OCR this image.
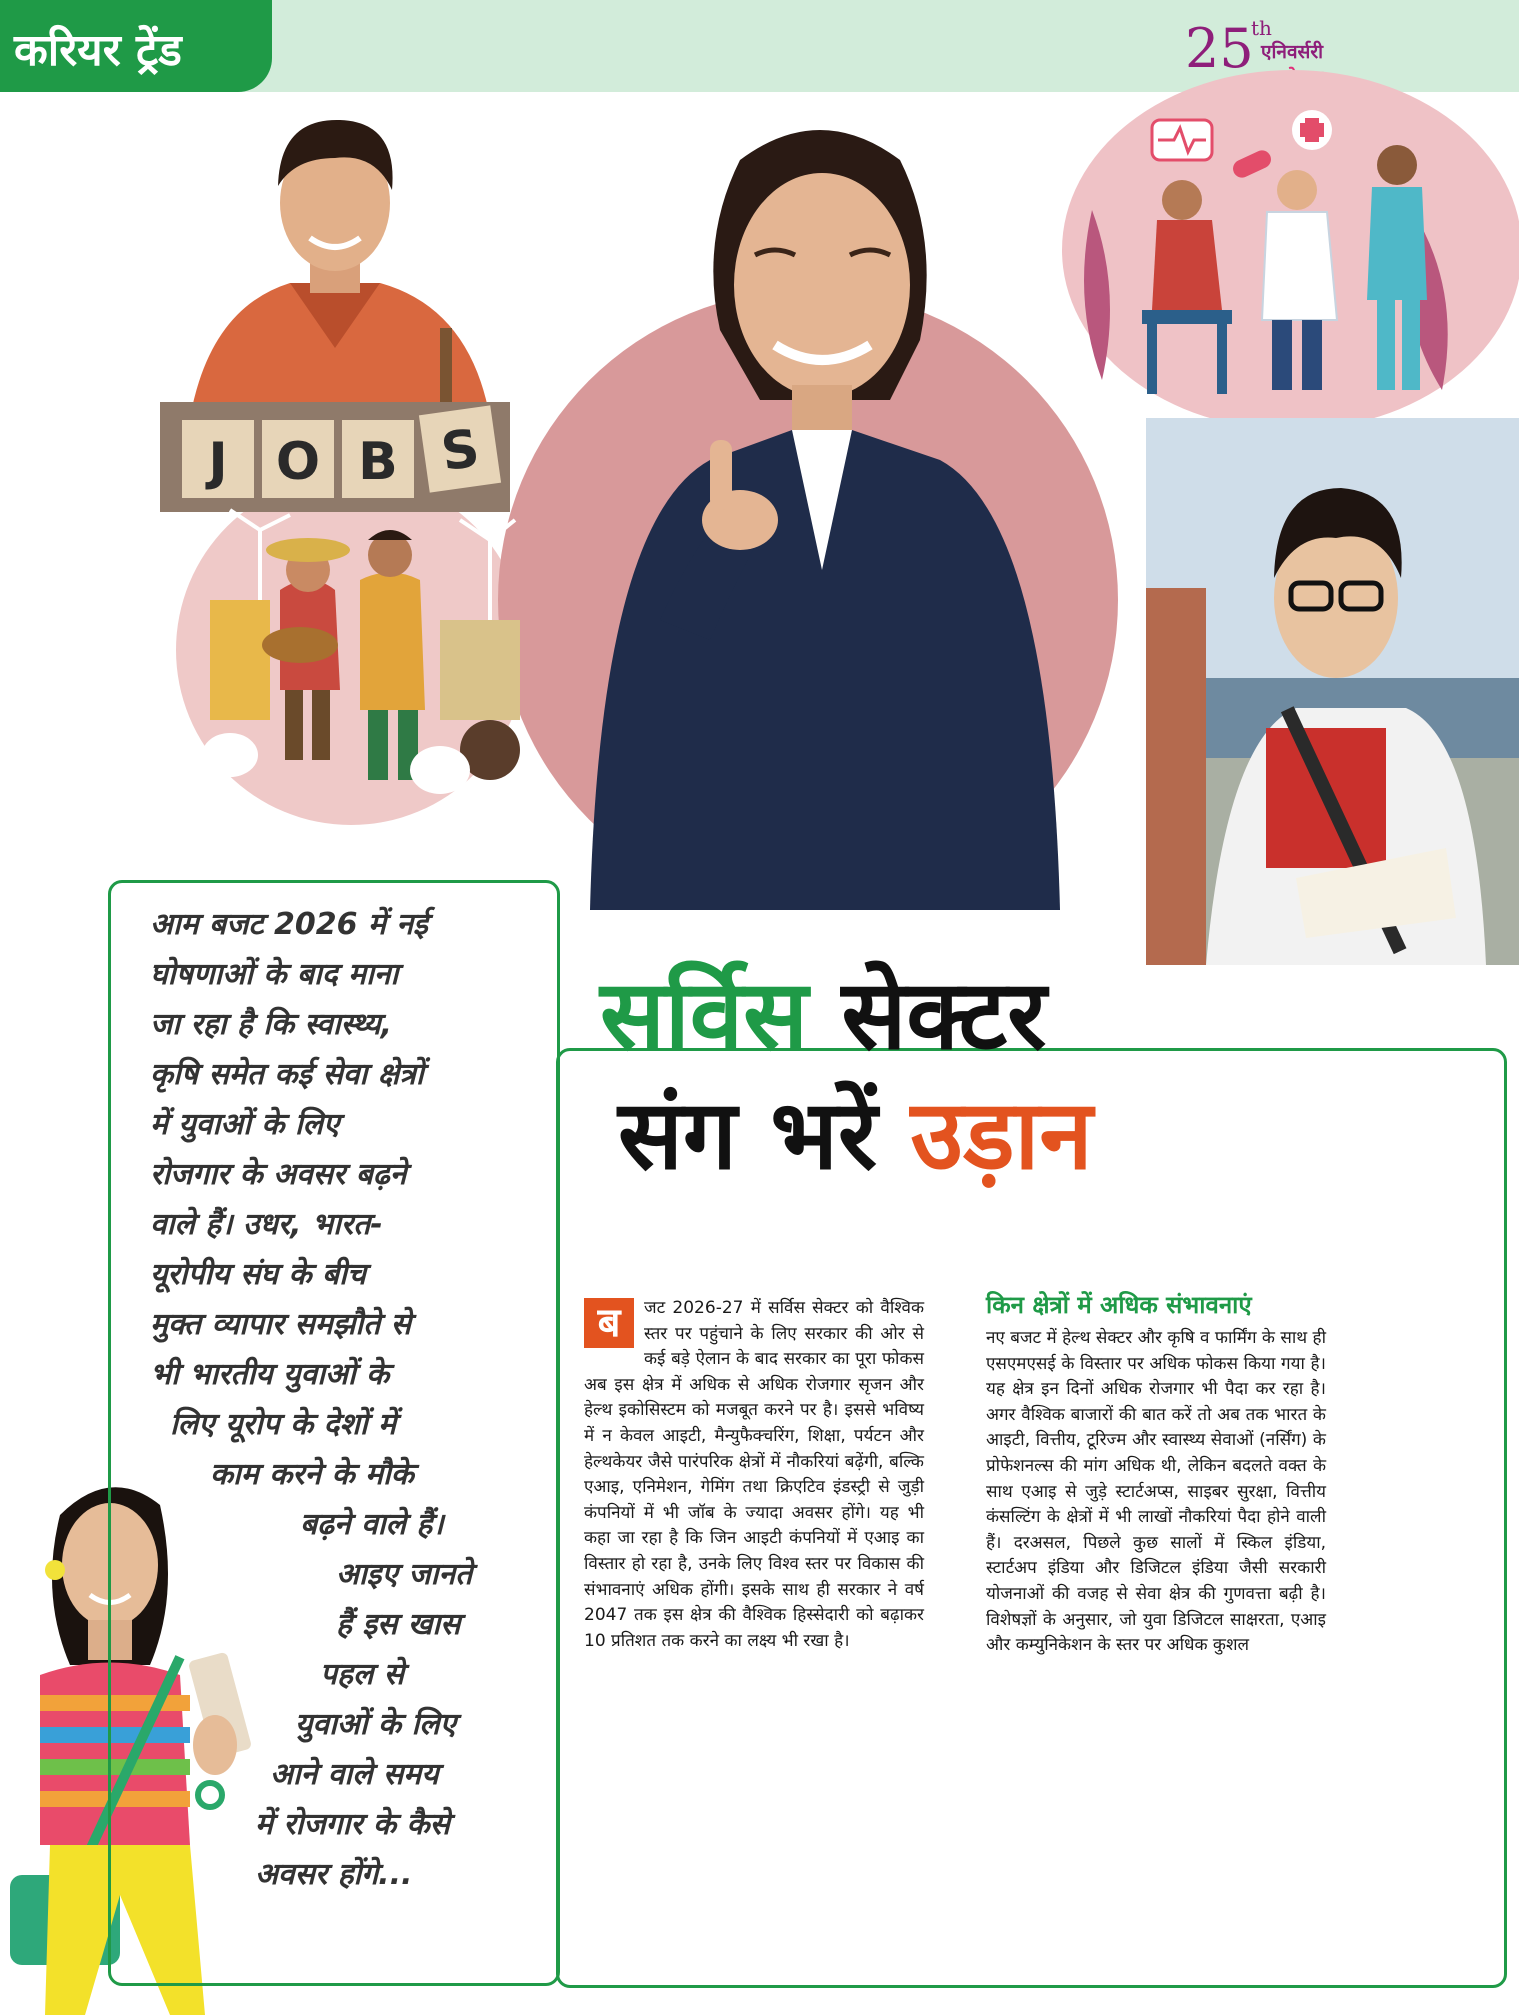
करियर ट्रेंड	25
th
एनिवर्सरी
J O B S
आम बजट 2026 में नई
घोषणाओं के बाद माना
जा रहा है कि स्वास्थ्य,
कृषि समेत कई सेवा क्षेत्रों
में युवाओं के लिए
रोजगार के अवसर बढ़ने
वाले हैं। उधर, भारत-
यूरोपीय संघ के बीच
मुक्त व्यापार समझौते से
भी भारतीय युवाओं के
लिए यूरोप के देशों में
काम करने के मौके
बढ़ने वाले हैं।
आइए जानते
हैं इस खास
पहल से
युवाओं के लिए
आने वाले समय
में रोजगार के कैसे
अवसर होंगे...
सर्विस सेक्टर
संग भरें उड़ान
ब	जट 2026-27 में सर्विस सेक्टर को वैश्विक स्तर पर पहुंचाने के लिए सरकार की ओर से कई बड़े ऐलान के बाद सरकार का पूरा फोकस अब इस क्षेत्र में अधिक से अधिक रोजगार सृजन और हेल्थ इकोसिस्टम को मजबूत करने पर है। इससे भविष्य में न केवल आइटी, मैन्युफैक्चरिंग, शिक्षा, पर्यटन और हेल्थकेयर जैसे पारंपरिक क्षेत्रों में नौकरियां बढ़ेंगी, बल्कि एआइ, एनिमेशन, गेमिंग तथा क्रिएटिव इंडस्ट्री से जुड़ी कंपनियों में भी जॉब के ज्यादा अवसर होंगे। यह भी कहा जा रहा है कि जिन आइटी कंपनियों में एआइ का विस्तार हो रहा है, उनके लिए विश्व स्तर पर विकास की संभावनाएं अधिक होंगी। इसके साथ ही सरकार ने वर्ष 2047 तक इस क्षेत्र की वैश्विक हिस्सेदारी को बढ़ाकर 10 प्रतिशत तक करने का लक्ष्य भी रखा है।
किन क्षेत्रों में अधिक संभावनाएं
नए बजट में हेल्थ सेक्टर और कृषि व फार्मिंग के साथ ही एसएमएसई के विस्तार पर अधिक फोकस किया गया है। यह क्षेत्र इन दिनों अधिक रोजगार भी पैदा कर रहा है। अगर वैश्विक बाजारों की बात करें तो अब तक भारत के आइटी, वित्तीय, टूरिज्म और स्वास्थ्य सेवाओं (नर्सिंग) के प्रोफेशनल्स की मांग अधिक थी, लेकिन बदलते वक्त के साथ एआइ से जुड़े स्टार्टअप्स, साइबर सुरक्षा, वित्तीय कंसल्टिंग के क्षेत्रों में भी लाखों नौकरियां पैदा होने वाली हैं। दरअसल, पिछले कुछ सालों में स्किल इंडिया, स्टार्टअप इंडिया और डिजिटल इंडिया जैसी सरकारी योजनाओं की वजह से सेवा क्षेत्र की गुणवत्ता बढ़ी है। विशेषज्ञों के अनुसार, जो युवा डिजिटल साक्षरता, एआइ और कम्युनिकेशन के स्तर पर अधिक कुशल
